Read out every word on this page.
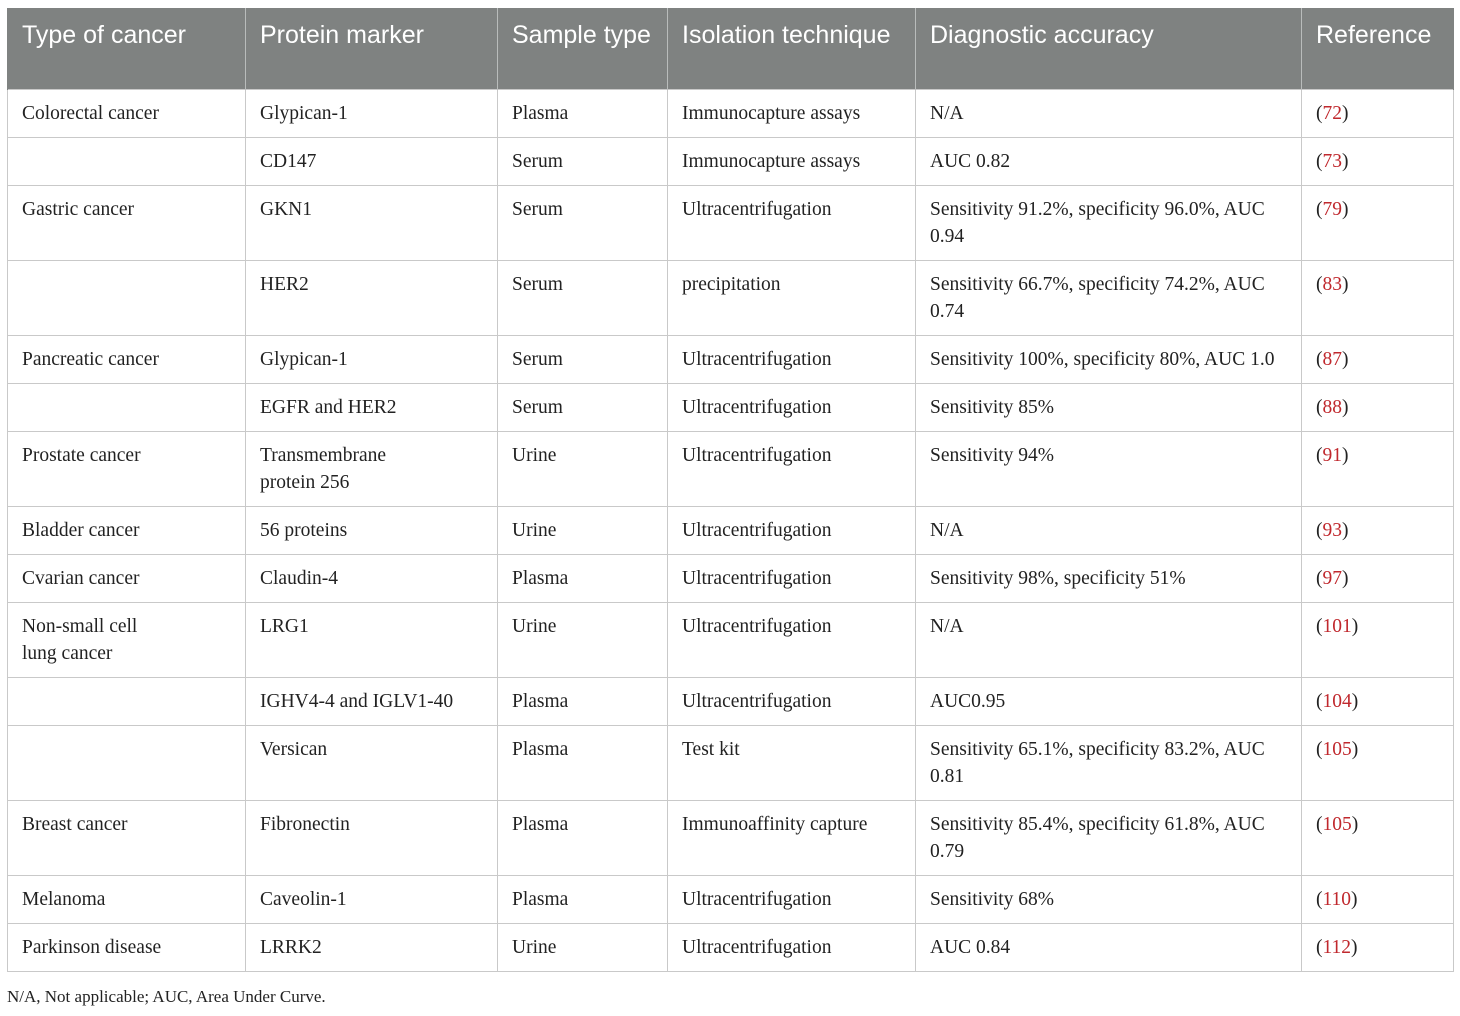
Type of cancer	Protein marker	Sample type	Isolation technique	Diagnostic accuracy	Reference
Colorectal cancer	Glypican-1	Plasma	Immunocapture assays	N/A	(72)
	CD147	Serum	Immunocapture assays	AUC 0.82	(73)
Gastric cancer	GKN1	Serum	Ultracentrifugation	Sensitivity 91.2%, specificity 96.0%, AUC 0.94	(79)
	HER2	Serum	precipitation	Sensitivity 66.7%, specificity 74.2%, AUC 0.74	(83)
Pancreatic cancer	Glypican-1	Serum	Ultracentrifugation	Sensitivity 100%, specificity 80%, AUC 1.0	(87)
	EGFR and HER2	Serum	Ultracentrifugation	Sensitivity 85%	(88)
Prostate cancer	Transmembrane protein 256	Urine	Ultracentrifugation	Sensitivity 94%	(91)
Bladder cancer	56 proteins	Urine	Ultracentrifugation	N/A	(93)
Cvarian cancer	Claudin-4	Plasma	Ultracentrifugation	Sensitivity 98%, specificity 51%	(97)
Non-small cell lung cancer	LRG1	Urine	Ultracentrifugation	N/A	(101)
	IGHV4-4 and IGLV1-40	Plasma	Ultracentrifugation	AUC0.95	(104)
	Versican	Plasma	Test kit	Sensitivity 65.1%, specificity 83.2%, AUC 0.81	(105)
Breast cancer	Fibronectin	Plasma	Immunoaffinity capture	Sensitivity 85.4%, specificity 61.8%, AUC 0.79	(105)
Melanoma	Caveolin-1	Plasma	Ultracentrifugation	Sensitivity 68%	(110)
Parkinson disease	LRRK2	Urine	Ultracentrifugation	AUC 0.84	(112)
N/A, Not applicable; AUC, Area Under Curve.
